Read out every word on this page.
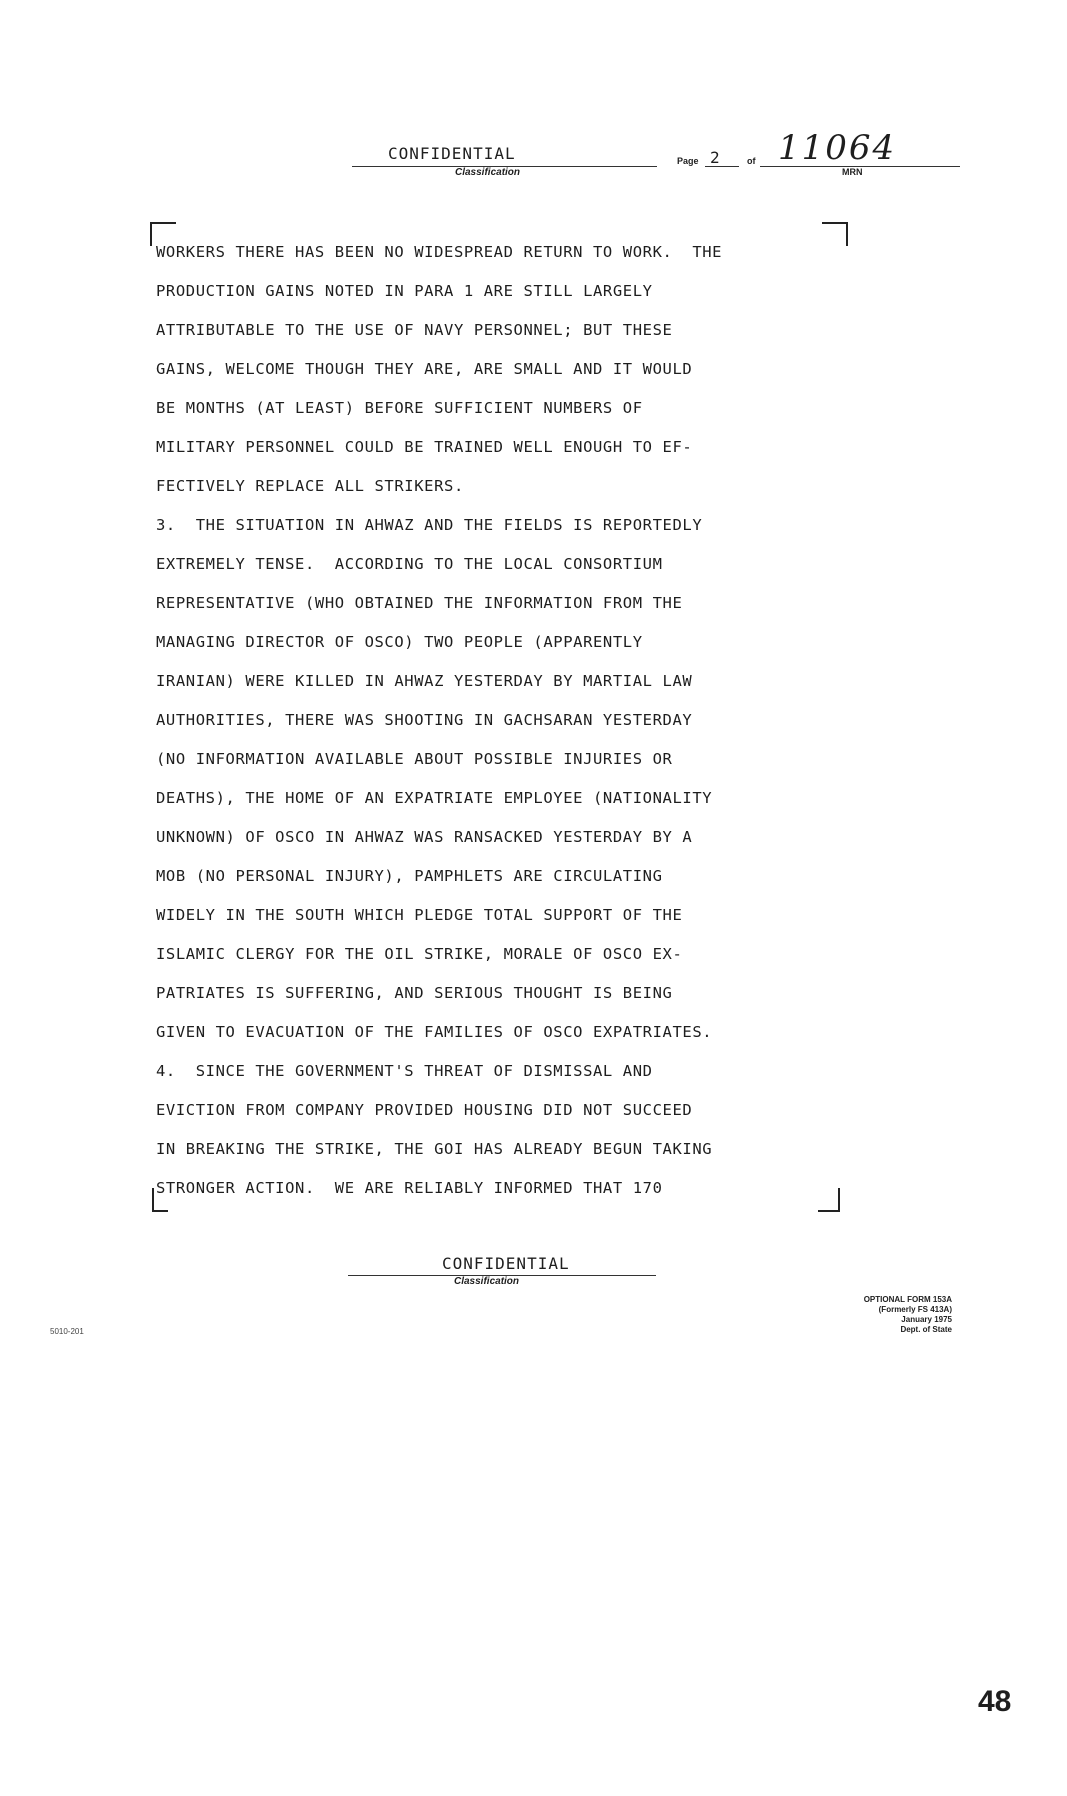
CONFIDENTIAL
Classification
Page 2	of 11064
MRN
WORKERS THERE HAS BEEN NO WIDESPREAD RETURN TO WORK.  THE
PRODUCTION GAINS NOTED IN PARA 1 ARE STILL LARGELY
ATTRIBUTABLE TO THE USE OF NAVY PERSONNEL; BUT THESE
GAINS, WELCOME THOUGH THEY ARE, ARE SMALL AND IT WOULD
BE MONTHS (AT LEAST) BEFORE SUFFICIENT NUMBERS OF
MILITARY PERSONNEL COULD BE TRAINED WELL ENOUGH TO EF-
FECTIVELY REPLACE ALL STRIKERS.
3.  THE SITUATION IN AHWAZ AND THE FIELDS IS REPORTEDLY
EXTREMELY TENSE.  ACCORDING TO THE LOCAL CONSORTIUM
REPRESENTATIVE (WHO OBTAINED THE INFORMATION FROM THE
MANAGING DIRECTOR OF OSCO) TWO PEOPLE (APPARENTLY
IRANIAN) WERE KILLED IN AHWAZ YESTERDAY BY MARTIAL LAW
AUTHORITIES, THERE WAS SHOOTING IN GACHSARAN YESTERDAY
(NO INFORMATION AVAILABLE ABOUT POSSIBLE INJURIES OR
DEATHS), THE HOME OF AN EXPATRIATE EMPLOYEE (NATIONALITY
UNKNOWN) OF OSCO IN AHWAZ WAS RANSACKED YESTERDAY BY A
MOB (NO PERSONAL INJURY), PAMPHLETS ARE CIRCULATING
WIDELY IN THE SOUTH WHICH PLEDGE TOTAL SUPPORT OF THE
ISLAMIC CLERGY FOR THE OIL STRIKE, MORALE OF OSCO EX-
PATRIATES IS SUFFERING, AND SERIOUS THOUGHT IS BEING
GIVEN TO EVACUATION OF THE FAMILIES OF OSCO EXPATRIATES.
4.  SINCE THE GOVERNMENT'S THREAT OF DISMISSAL AND
EVICTION FROM COMPANY PROVIDED HOUSING DID NOT SUCCEED
IN BREAKING THE STRIKE, THE GOI HAS ALREADY BEGUN TAKING
STRONGER ACTION.  WE ARE RELIABLY INFORMED THAT 170
CONFIDENTIAL
Classification
OPTIONAL FORM 153A
(Formerly FS 413A)
January 1975
Dept. of State
5010-201
48
